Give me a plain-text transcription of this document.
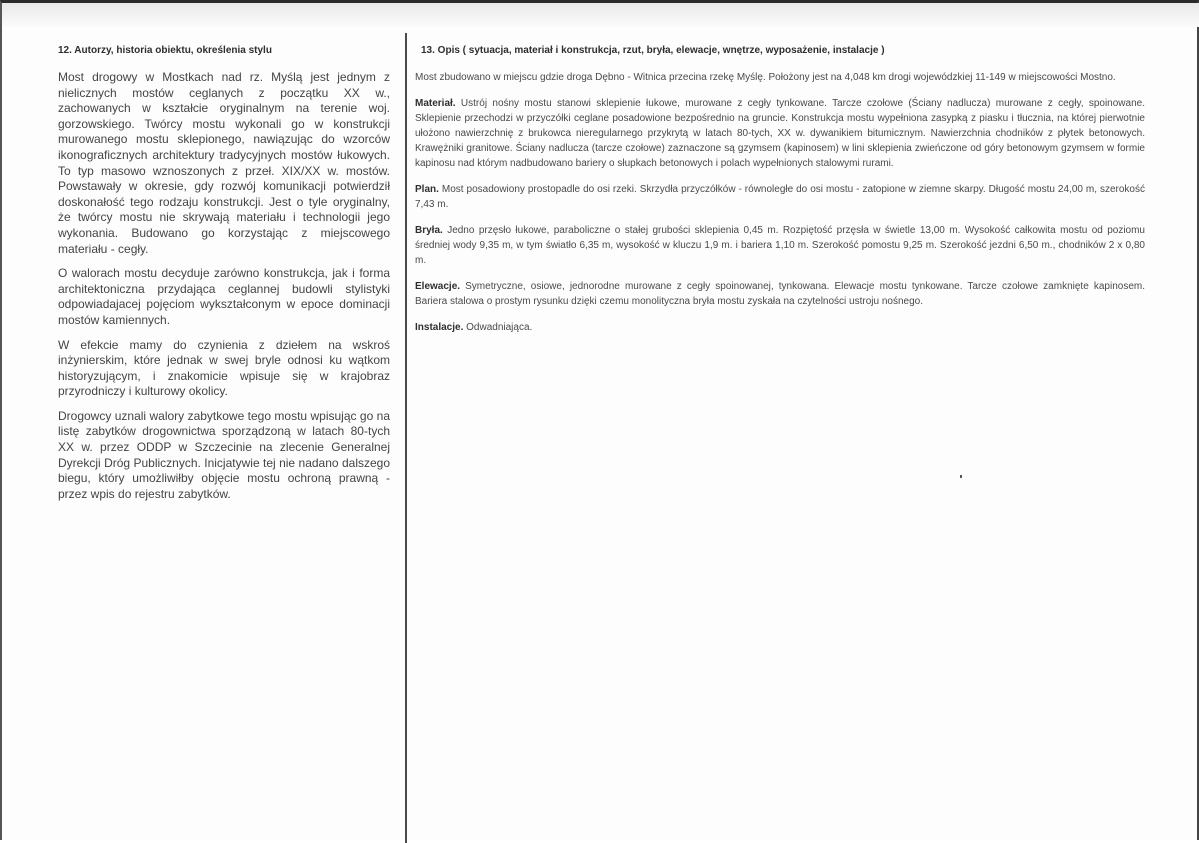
12. Autorzy, historia obiektu, określenia stylu

Most drogowy w Mostkach nad rz. Myślą jest jednym z nielicznych mostów ceglanych z początku XX w., zachowanych w kształcie oryginalnym na terenie woj. gorzowskiego. Twórcy mostu wykonali go w konstrukcji murowanego mostu sklepionego, nawiązując do wzorców ikonograficznych architektury tradycyjnych mostów łukowych. To typ masowo wznoszonych z przeł. XIX/XX w. mostów. Powstawały w okresie, gdy rozwój komunikacji potwierdził doskonałość tego rodzaju konstrukcji. Jest o tyle oryginalny, że twórcy mostu nie skrywają materiału i technologii jego wykonania. Budowano go korzystając z miejscowego materiału - cegły.

O walorach mostu decyduje zarówno konstrukcja, jak i forma architektoniczna przydająca ceglannej budowli stylistyki odpowiadajacej pojęciom wykształconym w epoce dominacji mostów kamiennych.

W efekcie mamy do czynienia z dziełem na wskroś inżynierskim, które jednak w swej bryle odnosi ku wątkom historyzującym, i znakomicie wpisuje się w krajobraz przyrodniczy i kulturowy okolicy.

Drogowcy uznali walory zabytkowe tego mostu wpisując go na listę zabytków drogownictwa sporządzoną w latach 80-tych XX w. przez ODDP w Szczecinie na zlecenie Generalnej Dyrekcji Dróg Publicznych. Inicjatywie tej nie nadano dalszego biegu, który umożliwiłby objęcie mostu ochroną prawną - przez wpis do rejestru zabytków.

13. Opis ( sytuacja, materiał i konstrukcja, rzut, bryła, elewacje, wnętrze, wyposażenie, instalacje )

Most zbudowano w miejscu gdzie droga Dębno - Witnica przecina rzekę Myślę. Położony jest na 4,048 km drogi wojewódzkiej 11-149 w miejscowości Mostno.

Materiał. Ustrój nośny mostu stanowi sklepienie łukowe, murowane z cegły tynkowane. Tarcze czołowe (Ściany nadlucza) murowane z cegły, spoinowane. Sklepienie przechodzi w przyczółki ceglane posadowione bezpośrednio na gruncie. Konstrukcja mostu wypełniona zasypką z piasku i tłucznia, na której pierwotnie ułożono nawierzchnię z brukowca nieregularnego przykrytą w latach 80-tych, XX w. dywanikiem bitumicznym. Nawierzchnia chodników z płytek betonowych. Krawężniki granitowe. Ściany nadlucza (tarcze czołowe) zaznaczone są gzymsem (kapinosem) w lini sklepienia zwieńczone od góry betonowym gzymsem w formie kapinosu nad którym nadbudowano bariery o słupkach betonowych i polach wypełnionych stalowymi rurami.

Plan. Most posadowiony prostopadle do osi rzeki. Skrzydła przyczółków - równoległe do osi mostu - zatopione w ziemne skarpy. Długość mostu 24,00 m, szerokość 7,43 m.

Bryła. Jedno przęsło łukowe, paraboliczne o stałej grubości sklepienia 0,45 m. Rozpiętość przęsła w świetle 13,00 m. Wysokość całkowita mostu od poziomu średniej wody 9,35 m, w tym światło 6,35 m, wysokość w kluczu 1,9 m. i bariera 1,10 m. Szerokość pomostu 9,25 m. Szerokość jezdni 6,50 m., chodników 2 x 0,80 m.

Elewacje. Symetryczne, osiowe, jednorodne murowane z cegły spoinowanej, tynkowana. Elewacje mostu tynkowane. Tarcze czołowe zamknięte kapinosem. Bariera stalowa o prostym rysunku dzięki czemu monolityczna bryła mostu zyskała na czytelności ustroju nośnego.

Instalacje. Odwadniająca.
